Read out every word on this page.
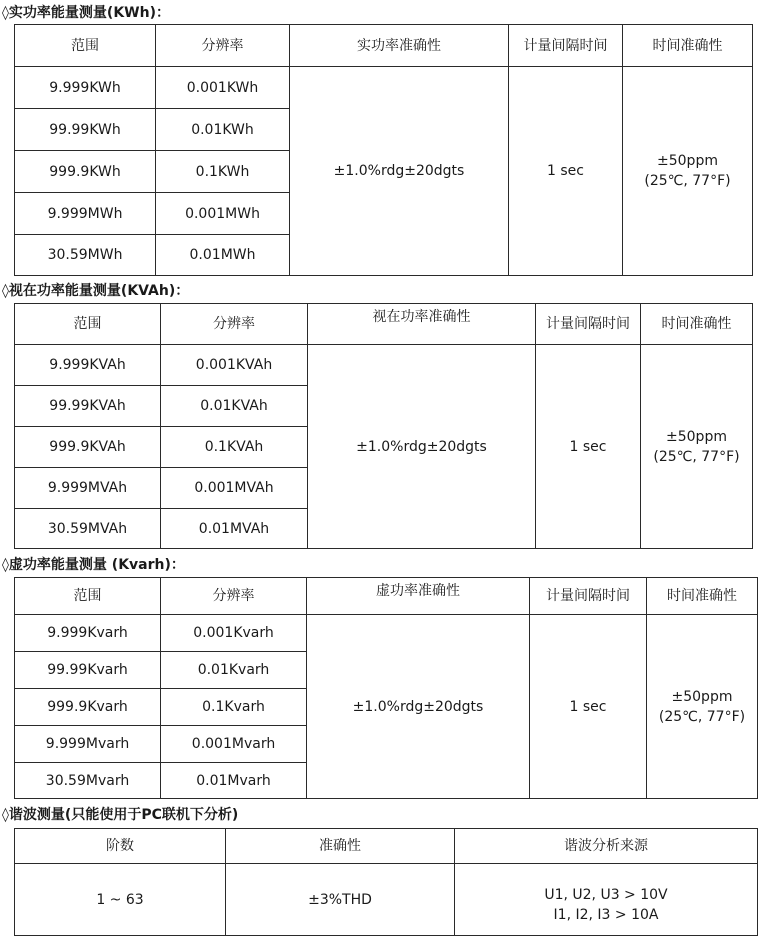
◊实功率能量测量(KWh)：
范围	分辨率	实功率准确性	计量间隔时间	时间准确性
9.999KWh	0.001KWh	±1.0%rdg±20dgts	1 sec	±50ppm
(25℃, 77°F)

99.99KWh	0.01KWh			
999.9KWh	0.1KWh			
9.999MWh	0.001MWh			
30.59MWh	0.01MWh			
◊视在功率能量测量(KVAh)：
范围	分辨率	视在功率准确性	计量间隔时间	时间准确性
9.999KVAh	0.001KVAh	±1.0%rdg±20dgts	1 sec	±50ppm
(25℃, 77°F)

99.99KVAh	0.01KVAh			
999.9KVAh	0.1KVAh			
9.999MVAh	0.001MVAh			
30.59MVAh	0.01MVAh			
◊虚功率能量测量 (Kvarh)：
范围	分辨率	虚功率准确性	计量间隔时间	时间准确性
9.999Kvarh	0.001Kvarh	±1.0%rdg±20dgts	1 sec	±50ppm
(25℃, 77°F)

99.99Kvarh	0.01Kvarh			
999.9Kvarh	0.1Kvarh			
9.999Mvarh	0.001Mvarh			
30.59Mvarh	0.01Mvarh			
◊谐波测量(只能使用于PC联机下分析)
阶数	准确性	谐波分析来源
1 ~ 63	±3%THD	U1, U2, U3 > 10V
I1, I2, I3 > 10A
